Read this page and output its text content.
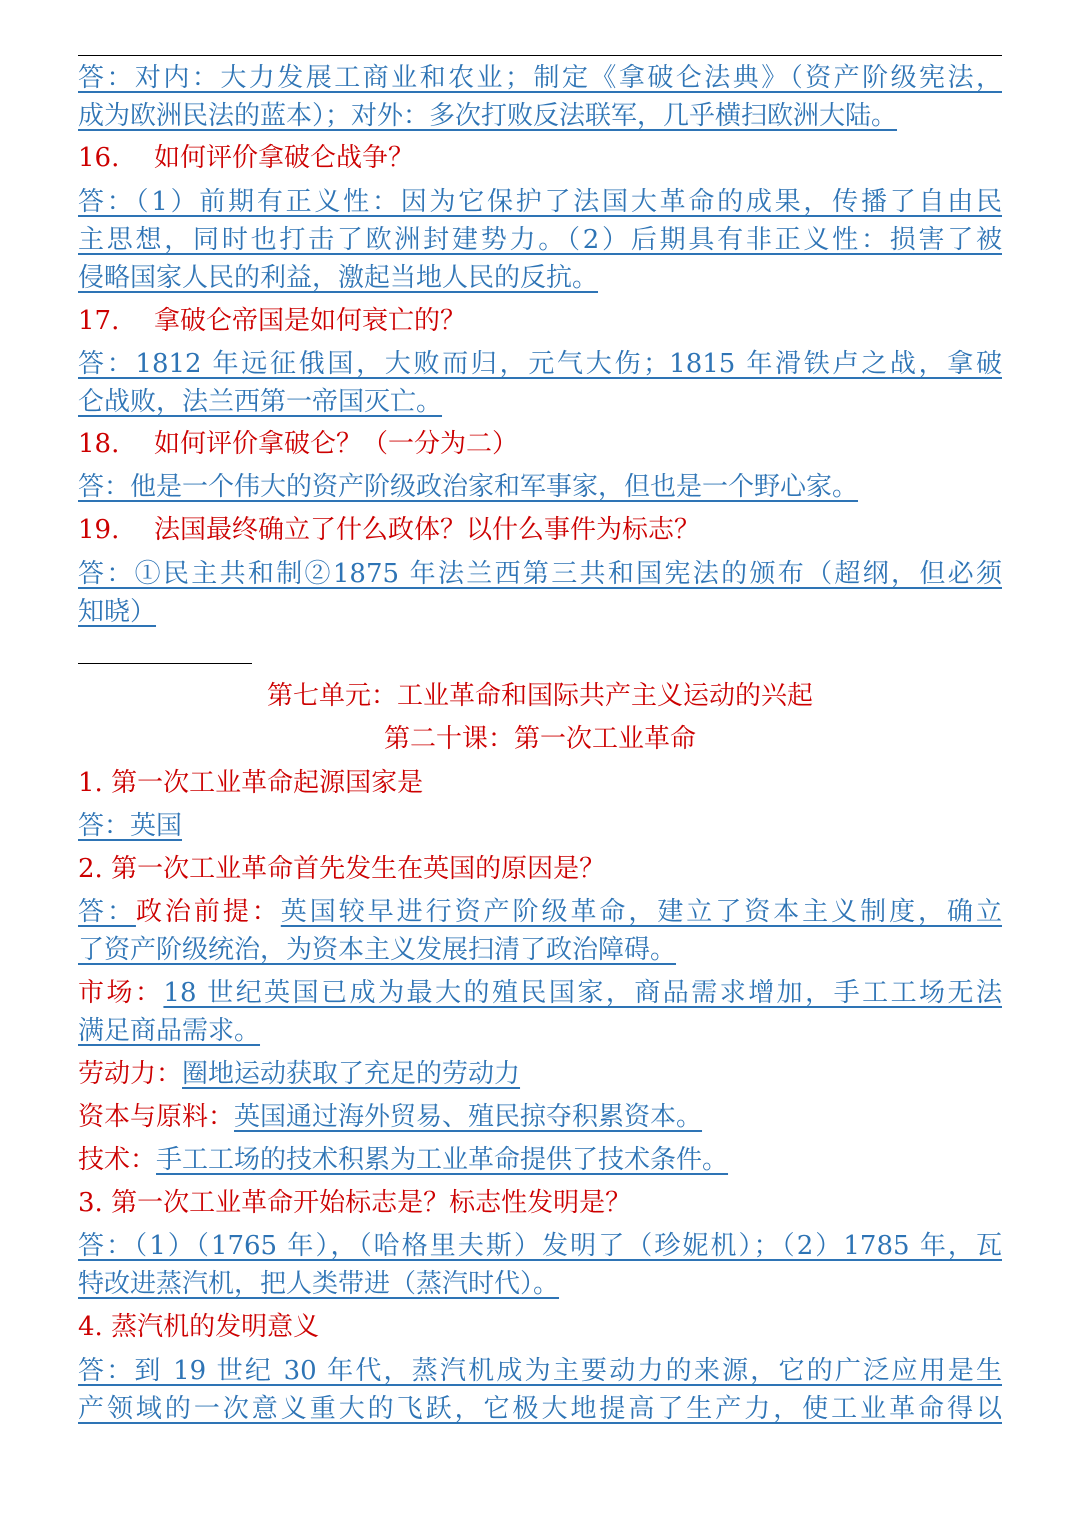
答：对内：大力发展工商业和农业；制定《拿破仑法典》（资产阶级宪法，
成为欧洲民法的蓝本）；对外：多次打败反法联军，几乎横扫欧洲大陆。
16. 如何评价拿破仑战争？
答：（1）前期有正义性：因为它保护了法国大革命的成果，传播了自由民
主思想，同时也打击了欧洲封建势力。（2）后期具有非正义性：损害了被
侵略国家人民的利益，激起当地人民的反抗。
17. 拿破仑帝国是如何衰亡的？
答：1812 年远征俄国，大败而归，元气大伤；1815 年滑铁卢之战，拿破
仑战败，法兰西第一帝国灭亡。
18. 如何评价拿破仑？（一分为二）
答：他是一个伟大的资产阶级政治家和军事家，但也是一个野心家。
19. 法国最终确立了什么政体？以什么事件为标志？
答：①民主共和制②1875 年法兰西第三共和国宪法的颁布（超纲，但必须
知晓）
第七单元：工业革命和国际共产主义运动的兴起
第二十课：第一次工业革命
1. 第一次工业革命起源国家是
答：英国
2. 第一次工业革命首先发生在英国的原因是？
答：政治前提：英国较早进行资产阶级革命，建立了资本主义制度，确立
了资产阶级统治，为资本主义发展扫清了政治障碍。
市场：18 世纪英国已成为最大的殖民国家，商品需求增加，手工工场无法
满足商品需求。
劳动力：圈地运动获取了充足的劳动力
资本与原料：英国通过海外贸易、殖民掠夺积累资本。
技术：手工工场的技术积累为工业革命提供了技术条件。
3. 第一次工业革命开始标志是？标志性发明是？
答：（1）（1765 年），（哈格里夫斯）发明了（珍妮机）；（2）1785 年，瓦
特改进蒸汽机，把人类带进（蒸汽时代）。
4. 蒸汽机的发明意义
答：到 19 世纪 30 年代，蒸汽机成为主要动力的来源，它的广泛应用是生
产领域的一次意义重大的飞跃，它极大地提高了生产力，使工业革命得以
